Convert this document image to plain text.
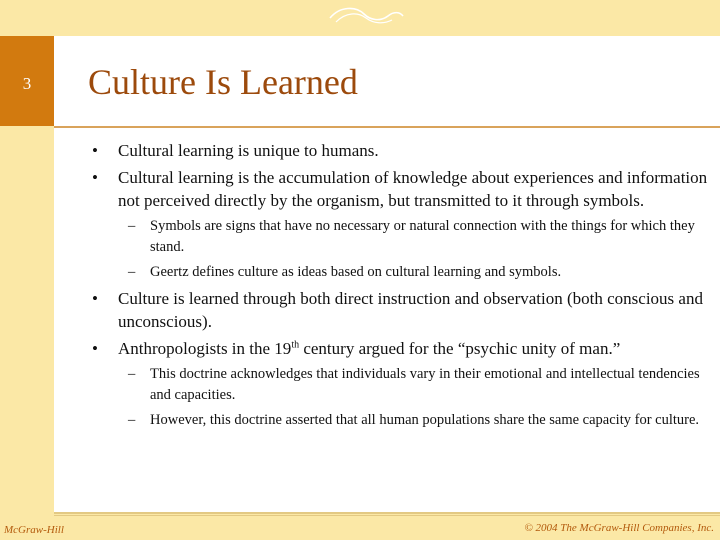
3	Culture Is Learned
• Cultural learning is unique to humans.
• Cultural learning is the accumulation of knowledge about experiences and information not perceived directly by the organism, but transmitted to it through symbols.
– Symbols are signs that have no necessary or natural connection with the things for which they stand.
– Geertz defines culture as ideas based on cultural learning and symbols.
• Culture is learned through both direct instruction and observation (both conscious and unconscious).
• Anthropologists in the 19th century argued for the “psychic unity of man.”
– This doctrine acknowledges that individuals vary in their emotional and intellectual tendencies and capacities.
– However, this doctrine asserted that all human populations share the same capacity for culture.
McGraw-Hill	© 2004 The McGraw-Hill Companies, Inc.
